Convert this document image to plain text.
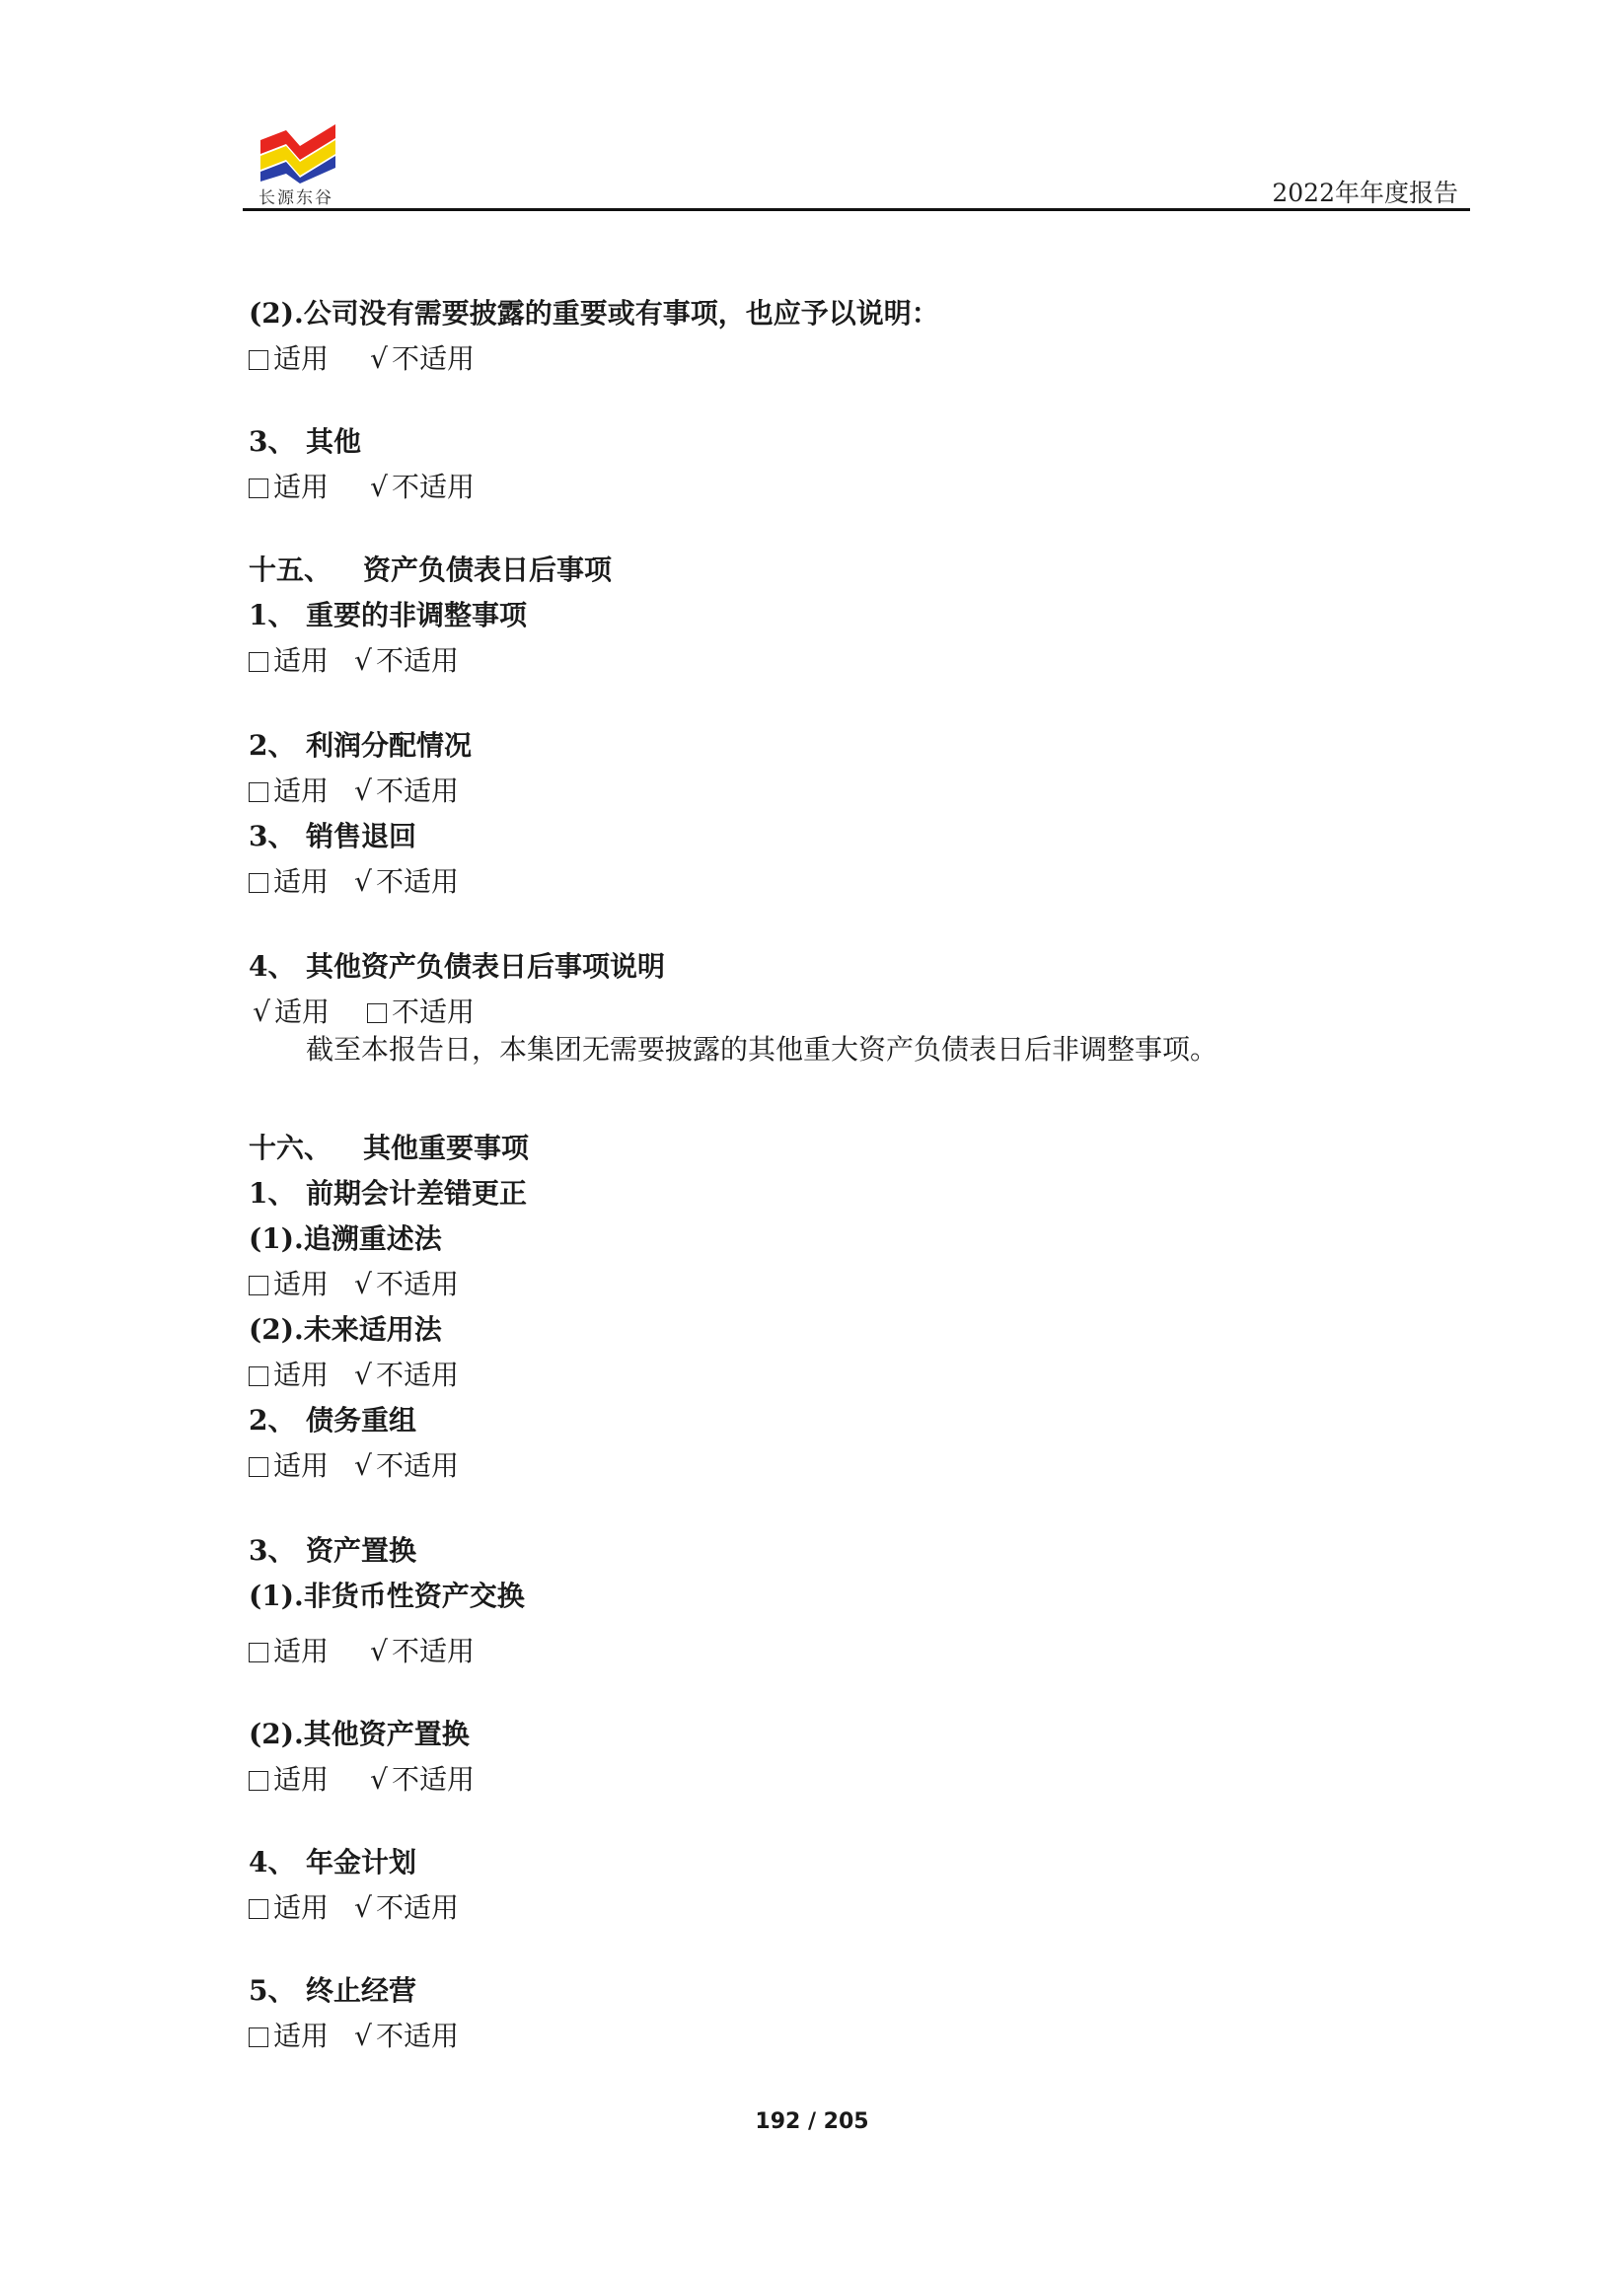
长源东谷	2022年年度报告
(2).公司没有需要披露的重要或有事项，也应予以说明：
适用 √ 不适用
3、 其他
适用 √ 不适用
十五、 资产负债表日后事项
1、 重要的非调整事项
适用 √ 不适用
2、 利润分配情况
适用 √ 不适用
3、 销售退回
适用 √ 不适用
4、 其他资产负债表日后事项说明
√ 适用 不适用
截至本报告日，本集团无需要披露的其他重大资产负债表日后非调整事项。
十六、 其他重要事项
1、 前期会计差错更正
(1).追溯重述法
适用 √ 不适用
(2).未来适用法
适用 √ 不适用
2、 债务重组
适用 √ 不适用
3、 资产置换
(1).非货币性资产交换
适用 √ 不适用
(2).其他资产置换
适用 √ 不适用
4、 年金计划
适用 √ 不适用
5、 终止经营
适用 √ 不适用
192 / 205
